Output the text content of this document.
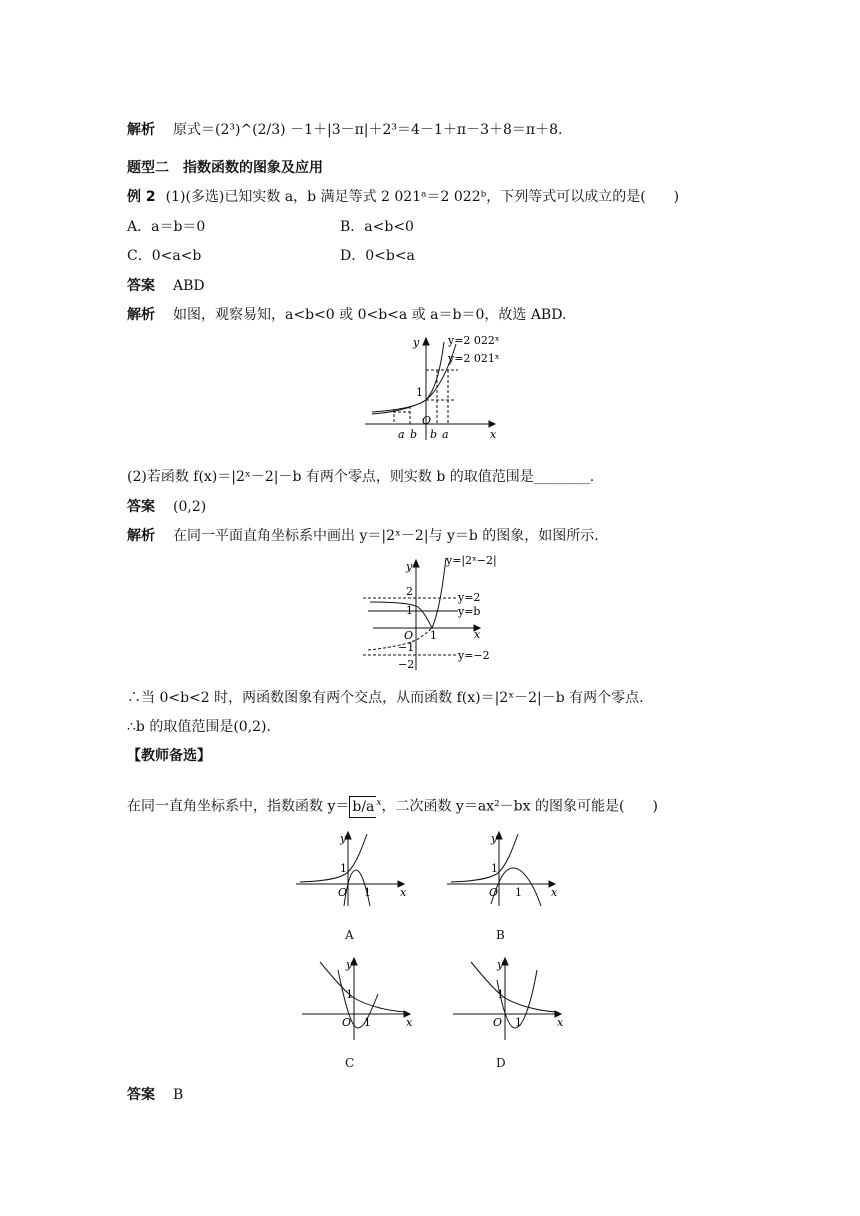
解析 原式＝(2³)^(2/3) －1＋|3－π|＋2³＝4－1＋π－3＋8＝π＋8.
题型二　指数函数的图象及应用
例 2 (1)(多选)已知实数 a，b 满足等式 2 021ᵃ＝2 022ᵇ，下列等式可以成立的是(　　)
A．a＝b＝0	B．a<b<0
C．0<a<b	D．0<b<a
答案 ABD
解析 如图，观察易知，a<b<0 或 0<b<a 或 a＝b＝0，故选 ABD.
y=2 022ˣ
y=2 021ˣ
y
x
1
O
a b b a
(2)若函数 f(x)＝|2ˣ－2|－b 有两个零点，则实数 b 的取值范围是________.
答案 (0,2)
解析 在同一平面直角坐标系中画出 y＝|2ˣ－2|与 y＝b 的图象，如图所示.
y=|2ˣ−2|
y=2
y=b
y=−2
y
x
2
1
−1
−2
O 1
∴当 0<b<2 时，两函数图象有两个交点，从而函数 f(x)＝|2ˣ－2|－b 有两个零点.
∴b 的取值范围是(0,2).
【教师备选】
在同一直角坐标系中，指数函数 y＝ b/a $^x$，二次函数 y＝ax²－bx 的图象可能是(　　)
y
x
1
O 1
A
y
x
1
O 1
B
y
x
1
O 1
C
y
x
1
O 1
D
答案 B
